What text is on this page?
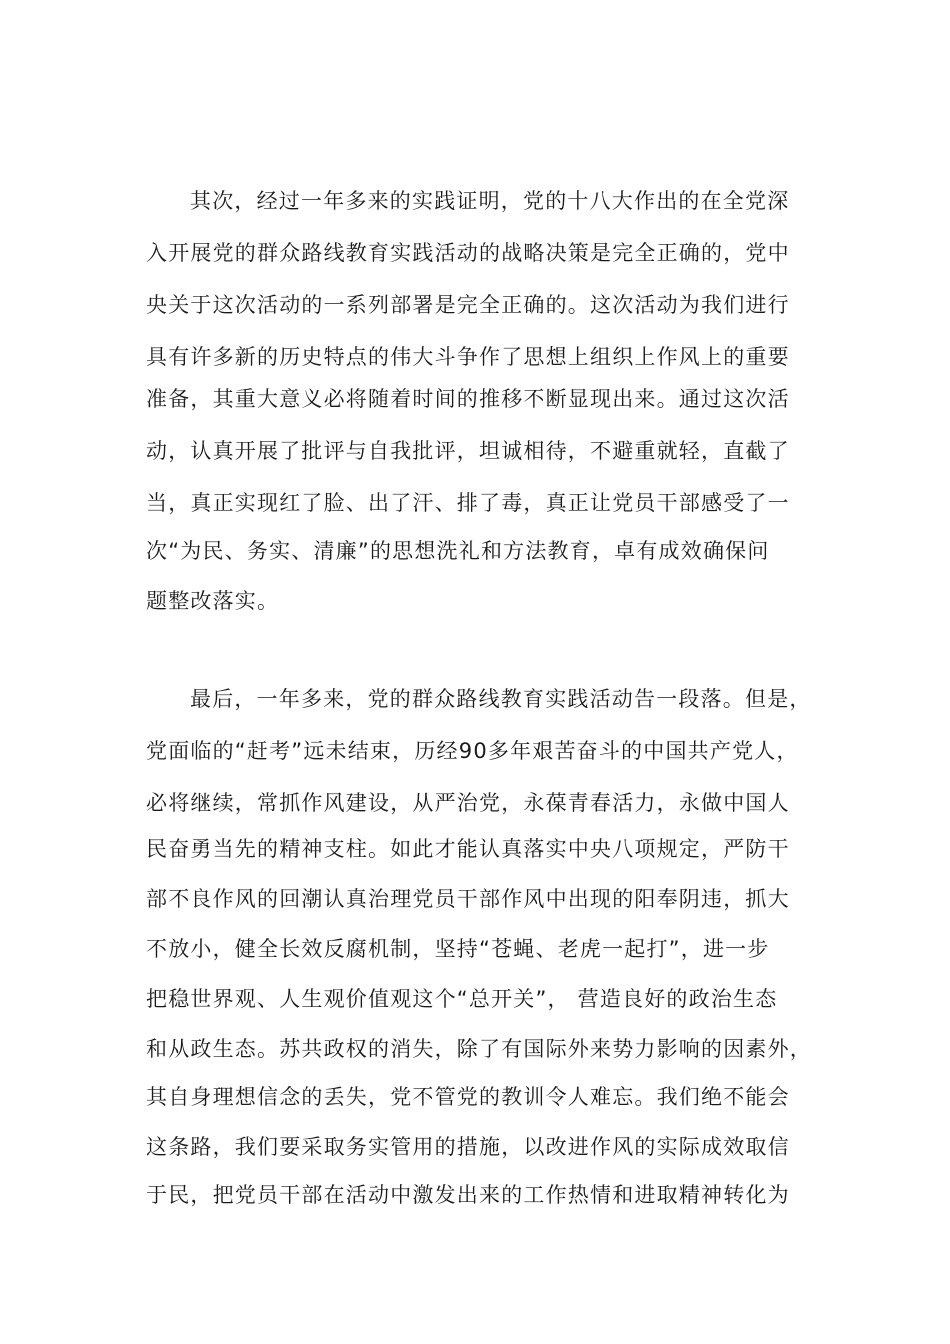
其次，经过一年多来的实践证明，党的十八大作出的在全党深

入开展党的群众路线教育实践活动的战略决策是完全正确的，党中

央关于这次活动的一系列部署是完全正确的。这次活动为我们进行

具有许多新的历史特点的伟大斗争作了思想上组织上作风上的重要

准备，其重大意义必将随着时间的推移不断显现出来。通过这次活

动，认真开展了批评与自我批评，坦诚相待，不避重就轻，直截了

当，真正实现红了脸、出了汗、排了毒，真正让党员干部感受了一

次“为民、务实、清廉”的思想洗礼和方法教育，卓有成效确保问

题整改落实。

最后，一年多来，党的群众路线教育实践活动告一段落。但是，

党面临的“赶考”远未结束，历经90多年艰苦奋斗的中国共产党人，

必将继续，常抓作风建设，从严治党，永葆青春活力，永做中国人

民奋勇当先的精神支柱。如此才能认真落实中央八项规定，严防干

部不良作风的回潮认真治理党员干部作风中出现的阳奉阴违，抓大

不放小，健全长效反腐机制，坚持“苍蝇、老虎一起打”，进一步

把稳世界观、人生观价值观这个“总开关”， 营造良好的政治生态

和从政生态。苏共政权的消失，除了有国际外来势力影响的因素外，

其自身理想信念的丢失，党不管党的教训令人难忘。我们绝不能会

这条路，我们要采取务实管用的措施，以改进作风的实际成效取信

于民，把党员干部在活动中激发出来的工作热情和进取精神转化为
